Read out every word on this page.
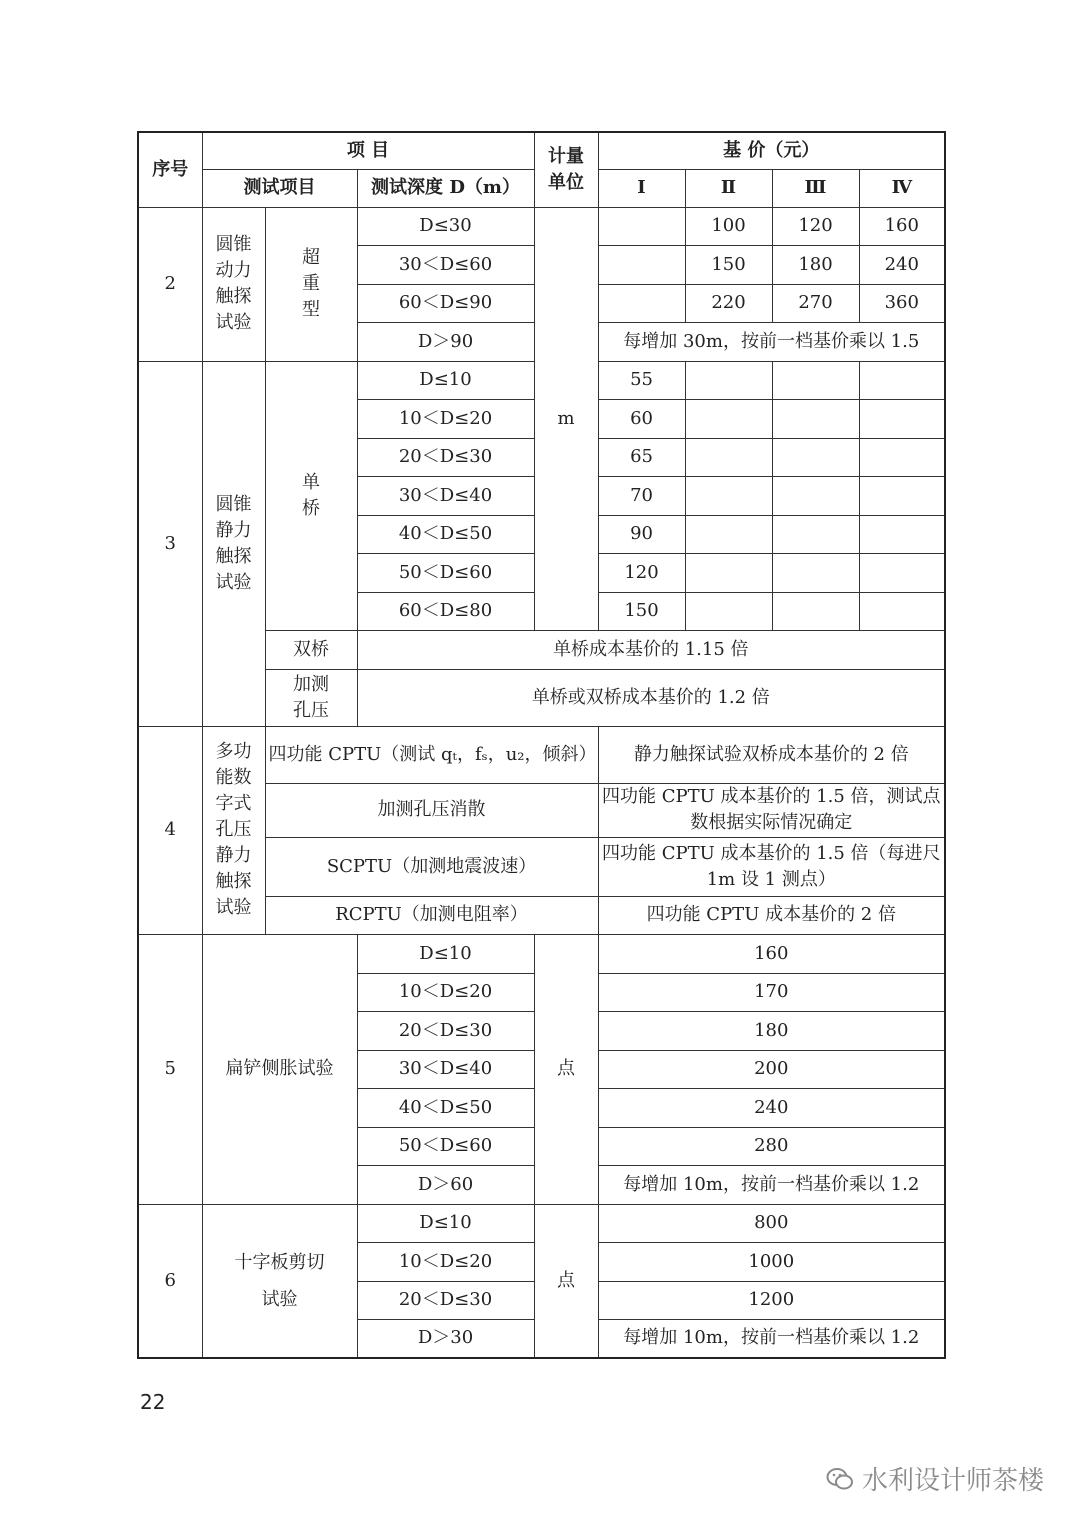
序号	项 目			计量单位	基 价（元）			
	测试项目		测试深度 D（m）		Ⅰ	Ⅱ	Ⅲ	Ⅳ
2	圆锥动力触探试验	超重型	D≤30	m		100	120	160
			30＜D≤60			150	180	240
			60＜D≤90			220	270	360
			D＞90		每增加 30m，按前一档基价乘以 1.5			
3	圆锥静力触探试验	单桥	D≤10		55			
			10＜D≤20		60			
			20＜D≤30		65			
			30＜D≤40		70			
			40＜D≤50		90			
			50＜D≤60		120			
			60＜D≤80		150			
		双桥	单桥成本基价的 1.15 倍					
		加测孔压	单桥或双桥成本基价的 1.2 倍					
4	多功能数字式孔压静力触探试验	四功能 CPTU（测试 qₜ，fₛ，u₂，倾斜）			静力触探试验双桥成本基价的 2 倍			
		加测孔压消散			四功能 CPTU 成本基价的 1.5 倍，测试点数根据实际情况确定			
		SCPTU（加测地震波速）			四功能 CPTU 成本基价的 1.5 倍（每进尺 1m 设 1 测点）			
		RCPTU（加测电阻率）			四功能 CPTU 成本基价的 2 倍			
5	扁铲侧胀试验		D≤10	点	160			
			10＜D≤20		170			
			20＜D≤30		180			
			30＜D≤40		200			
			40＜D≤50		240			
			50＜D≤60		280			
			D＞60		每增加 10m，按前一档基价乘以 1.2			
6	十字板剪切试验		D≤10	点	800			
			10＜D≤20		1000			
			20＜D≤30		1200			
			D＞30		每增加 10m，按前一档基价乘以 1.2			
22
水利设计师茶楼
